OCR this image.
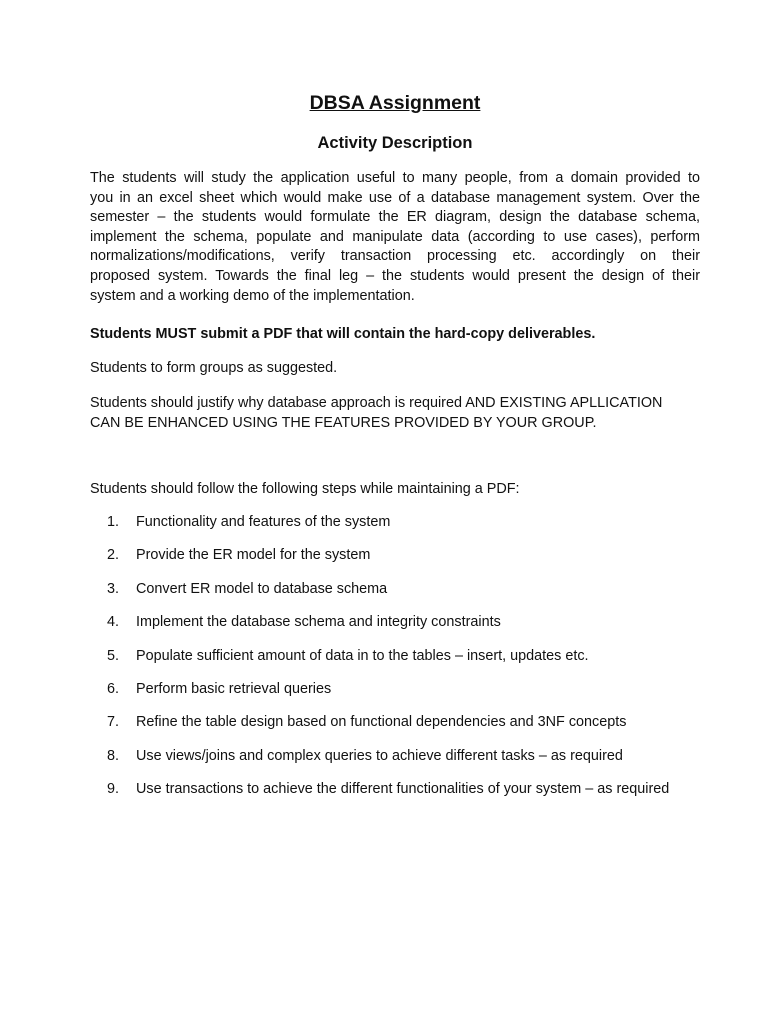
DBSA Assignment
Activity Description
The students will study the application useful to many people, from a domain provided to
you in an excel sheet which would make use of a database management system. Over the
semester – the students would formulate the ER diagram, design the database schema,
implement the schema, populate and manipulate data (according to use cases), perform
normalizations/modifications, verify transaction processing etc. accordingly on their
proposed system. Towards the final leg – the students would present the design of their
system and a working demo of the implementation.
Students MUST submit a PDF that will contain the hard-copy deliverables.
Students to form groups as suggested.
Students should justify why database approach is required AND EXISTING APLLICATION
CAN BE ENHANCED USING THE FEATURES PROVIDED BY YOUR GROUP.
Students should follow the following steps while maintaining a PDF:
1. Functionality and features of the system
2. Provide the ER model for the system
3. Convert ER model to database schema
4. Implement the database schema and integrity constraints
5. Populate sufficient amount of data in to the tables – insert, updates etc.
6. Perform basic retrieval queries
7. Refine the table design based on functional dependencies and 3NF concepts
8. Use views/joins and complex queries to achieve different tasks – as required
9. Use transactions to achieve the different functionalities of your system – as required
